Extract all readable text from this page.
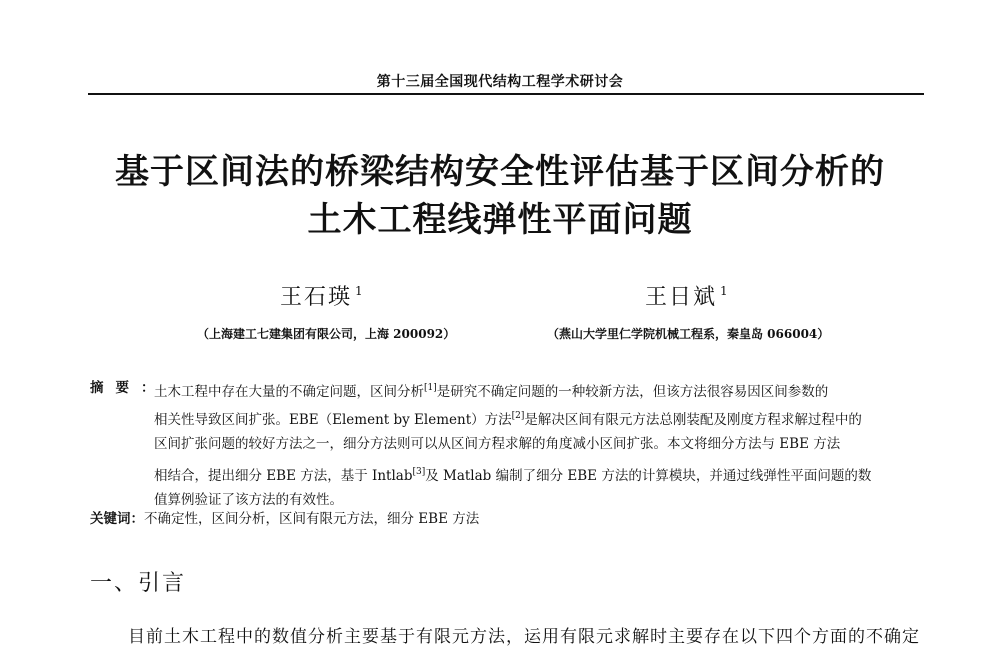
第十三届全国现代结构工程学术研讨会
基于区间法的桥梁结构安全性评估基于区间分析的
土木工程线弹性平面问题
王石瑛 $^1$	王日斌 $^1$
（上海建工七建集团有限公司，上海 200092）	（燕山大学里仁学院机械工程系，秦皇岛 066004）
摘要：
土木工程中存在大量的不确定问题，区间分析[1]是研究不确定问题的一种较新方法，但该方法很容易因区间参数的
相关性导致区间扩张。EBE（Element by Element）方法[2]是解决区间有限元方法总刚装配及刚度方程求解过程中的
区间扩张问题的较好方法之一，细分方法则可以从区间方程求解的角度减小区间扩张。本文将细分方法与 EBE 方法
相结合，提出细分 EBE 方法，基于 Intlab[3]及 Matlab 编制了细分 EBE 方法的计算模块，并通过线弹性平面问题的数
值算例验证了该方法的有效性。
关键词：不确定性，区间分析，区间有限元方法，细分 EBE 方法
一、引言
目前土木工程中的数值分析主要基于有限元方法，运用有限元求解时主要存在以下四个方面的不确定
